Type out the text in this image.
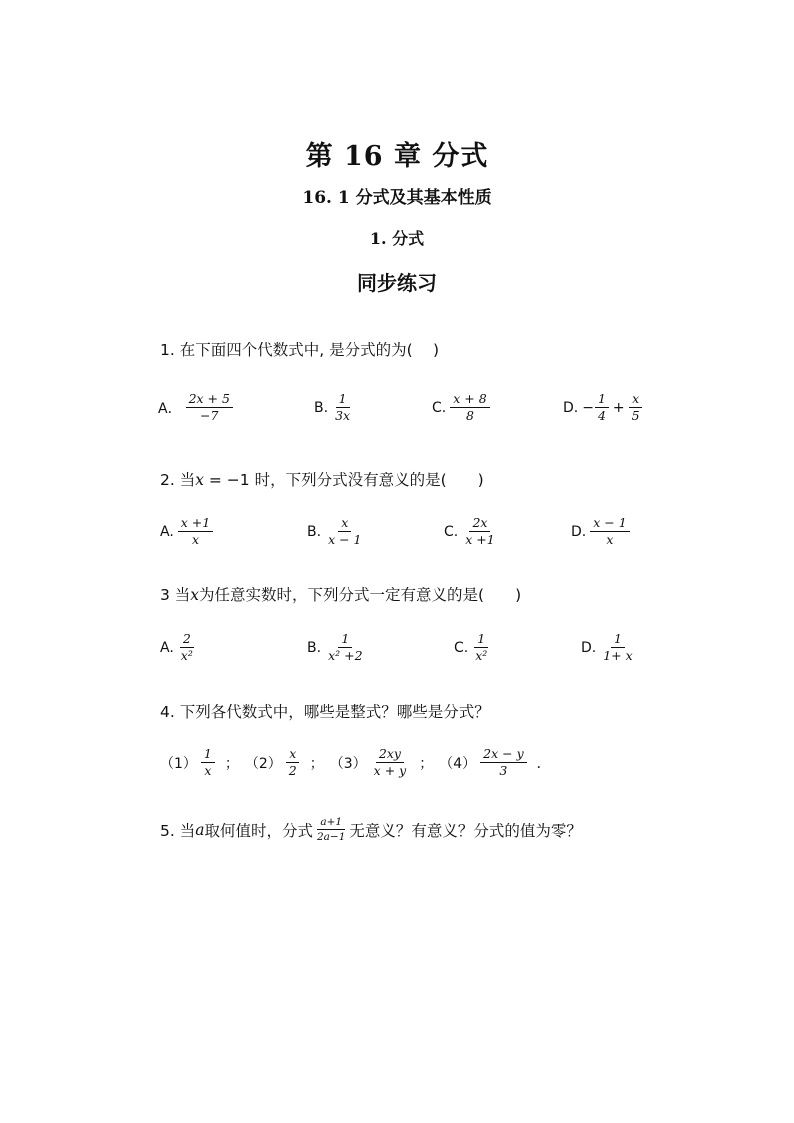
第 16 章 分式
16. 1 分式及其基本性质
1. 分式
同步练习
1. 在下面四个代数式中, 是分式的为(　 )
A． $\frac{2x + 5}{-7}$	B. $\frac{1}{3x}$	C. $\frac{x + 8}{8}$	D. − $\frac{1}{4} + \frac{x}{5}$
2. 当x = −1 时，下列分式没有意义的是(　　)
A. $\frac{x +1}{x}$	B. $\frac{x}{x - 1}$	C. $\frac{2x}{x +1}$	D. $\frac{x - 1}{x}$
3 当x为任意实数时，下列分式一定有意义的是(　　)
A. $\frac{2}{\text{x²}}$	B. $\frac{1}{\text{x² +2}}$	C. $\frac{1}{\text{x²}}$	D. $\frac{1}{1+ x}$
4. 下列各代数式中，哪些是整式？哪些是分式？
$(1) \frac{1}{x}$ ； $(2) \frac{x}{2}$ ； $(3) \frac{2xy}{x + y}$ ； $(4) \frac{2x - y}{3}$ ．
5. 当 a 取何值时，分式 $\frac{a+1}{2a-1}$ 无意义？有意义？分式的值为零？
